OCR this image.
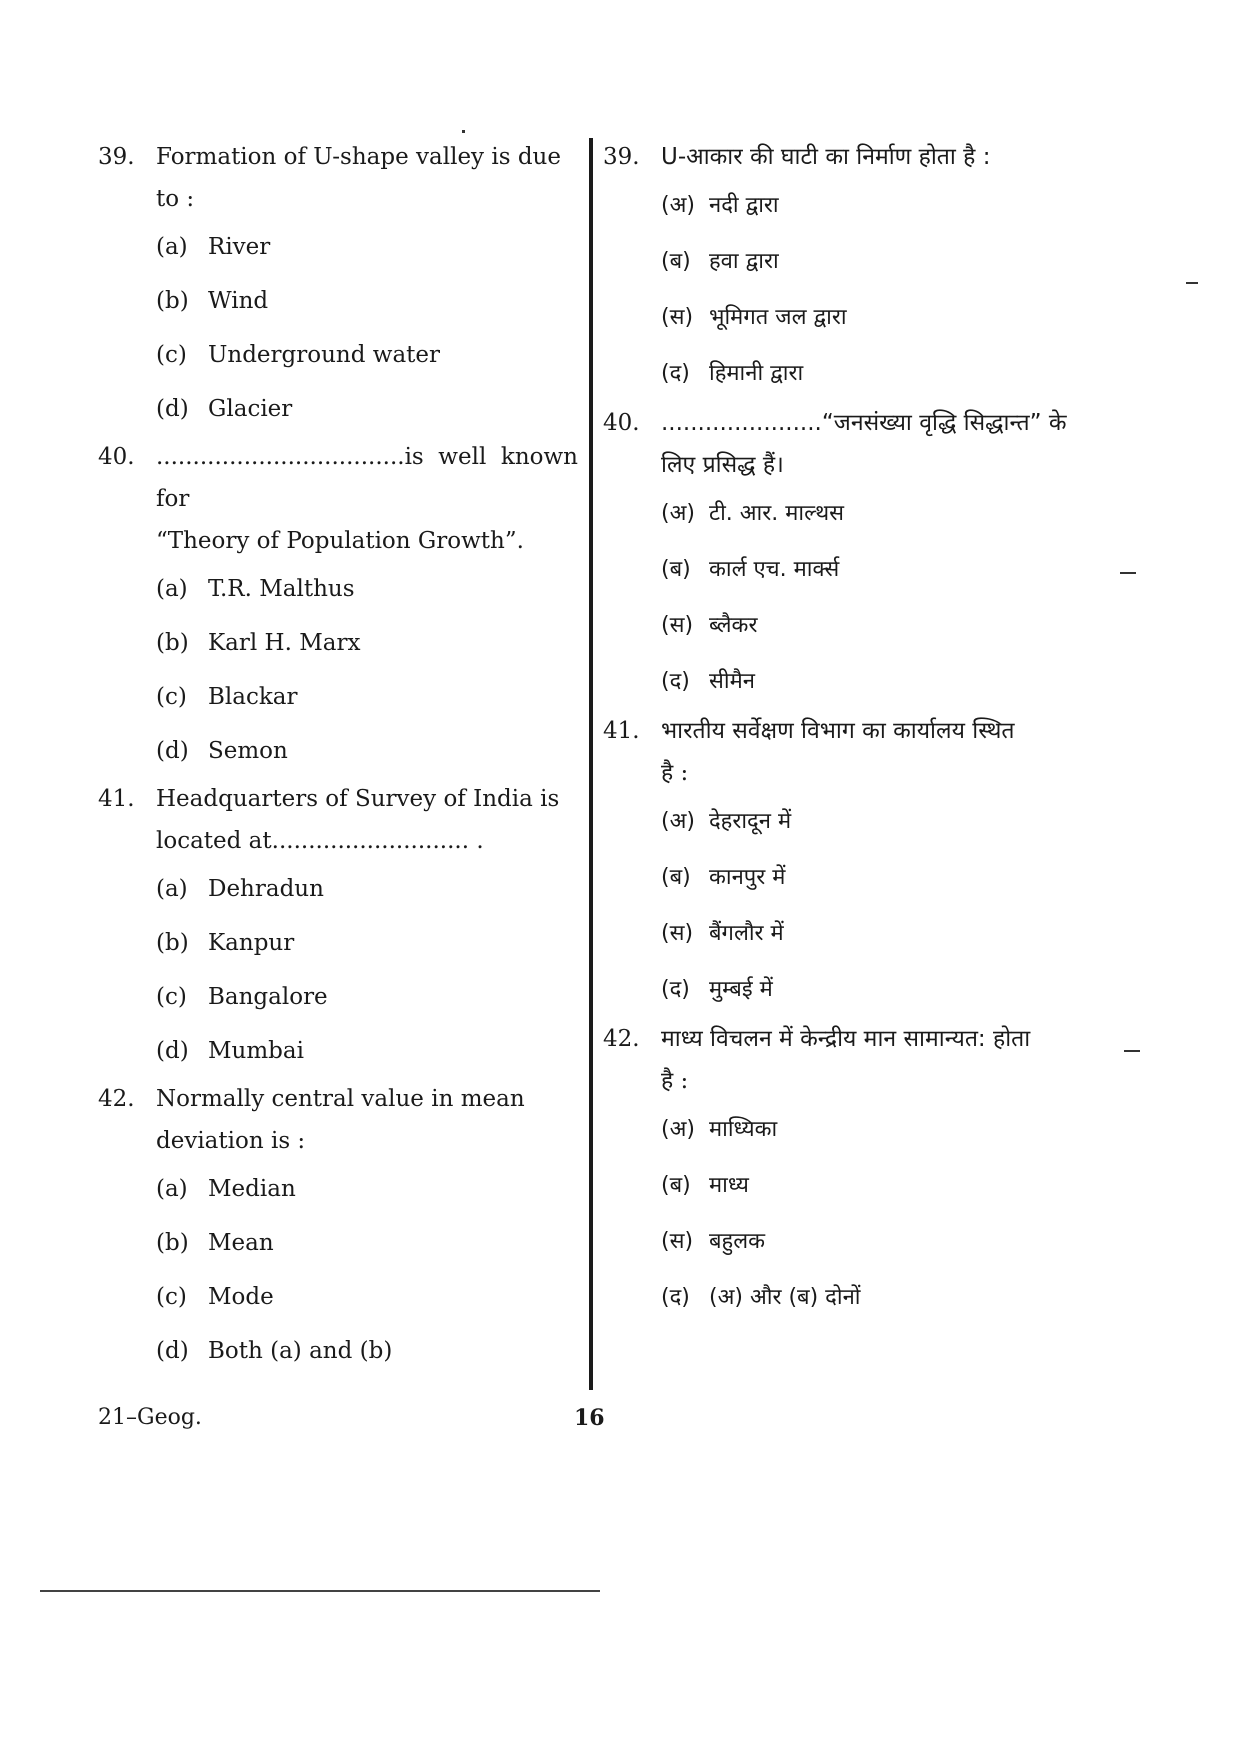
39. Formation of U-shape valley is due
to :
(a) River
(b) Wind
(c) Underground water
(d) Glacier
40. ..................................is well known for
“Theory of Population Growth”.
(a) T.R. Malthus
(b) Karl H. Marx
(c) Blackar
(d) Semon
41. Headquarters of Survey of India is
located at........................... .
(a) Dehradun
(b) Kanpur
(c) Bangalore
(d) Mumbai
42. Normally central value in mean
deviation is :
(a) Median
(b) Mean
(c) Mode
(d) Both (a) and (b)
39. U-आकार की घाटी का निर्माण होता है :
(अ) नदी द्वारा
(ब) हवा द्वारा
(स) भूमिगत जल द्वारा
(द) हिमानी द्वारा
40. ......................“जनसंख्या वृद्धि सिद्धान्त” के
लिए प्रसिद्ध हैं।
(अ) टी. आर. माल्थस
(ब) कार्ल एच. मार्क्स
(स) ब्लैकर
(द) सीमैन
41. भारतीय सर्वेक्षण विभाग का कार्यालय स्थित
है :
(अ) देहरादून में
(ब) कानपुर में
(स) बैंगलौर में
(द) मुम्बई में
42. माध्य विचलन में केन्द्रीय मान सामान्यत: होता
है :
(अ) माध्यिका
(ब) माध्य
(स) बहुलक
(द) (अ) और (ब) दोनों
21–Geog.	16
